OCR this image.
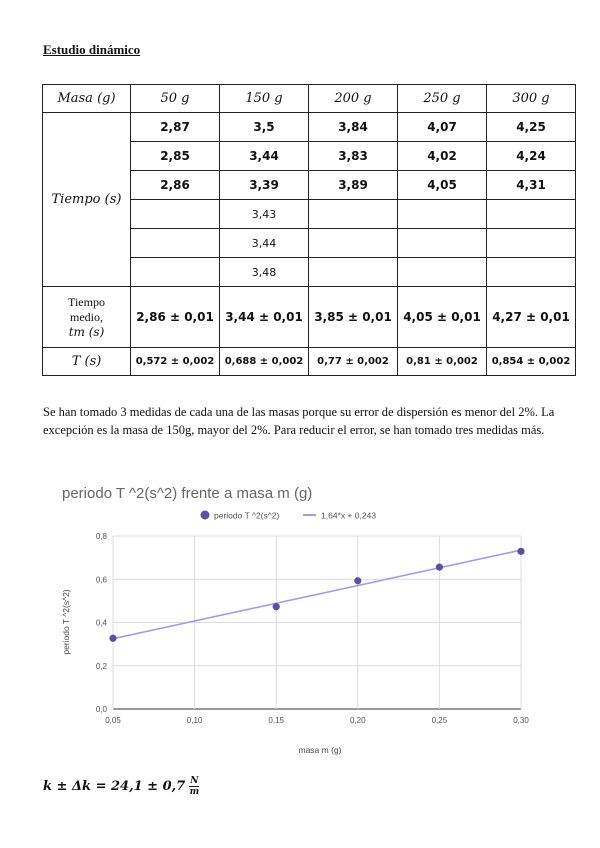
Estudio dinámico
Masa (g)	50 g	150 g	200 g	250 g	300 g
Tiempo (s)	2,87	3,5	3,84	4,07	4,25
	2,85	3,44	3,83	4,02	4,24
	2,86	3,39	3,89	4,05	4,31
		3,43			
		3,44			
		3,48			
Tiempo
medio,
tm (s)	2,86 ± 0,01	3,44 ± 0,01	3,85 ± 0,01	4,05 ± 0,01	4,27 ± 0,01
T (s)	0,572 ± 0,002	0,688 ± 0,002	0,77 ± 0,002	0,81 ± 0,002	0,854 ± 0,002
Se han tomado 3 medidas de cada una de las masas porque su error de dispersión es menor del 2%. La excepción es la masa de 150g, mayor del 2%. Para reducir el error, se han tomado tres medidas más.
periodo T ^2(s^2) frente a masa m (g)
periodo T ^2(s^2)	1,64*x + 0,243
0,0
0,2
0,4
0,6
0,8
0,05	0,10	0,15	0,20	0,25	0,30
masa m (g)
periodo T ^2(s^2)
$k \pm \Delta k = 24,1 \pm 0,7 \frac{N}{m}$
